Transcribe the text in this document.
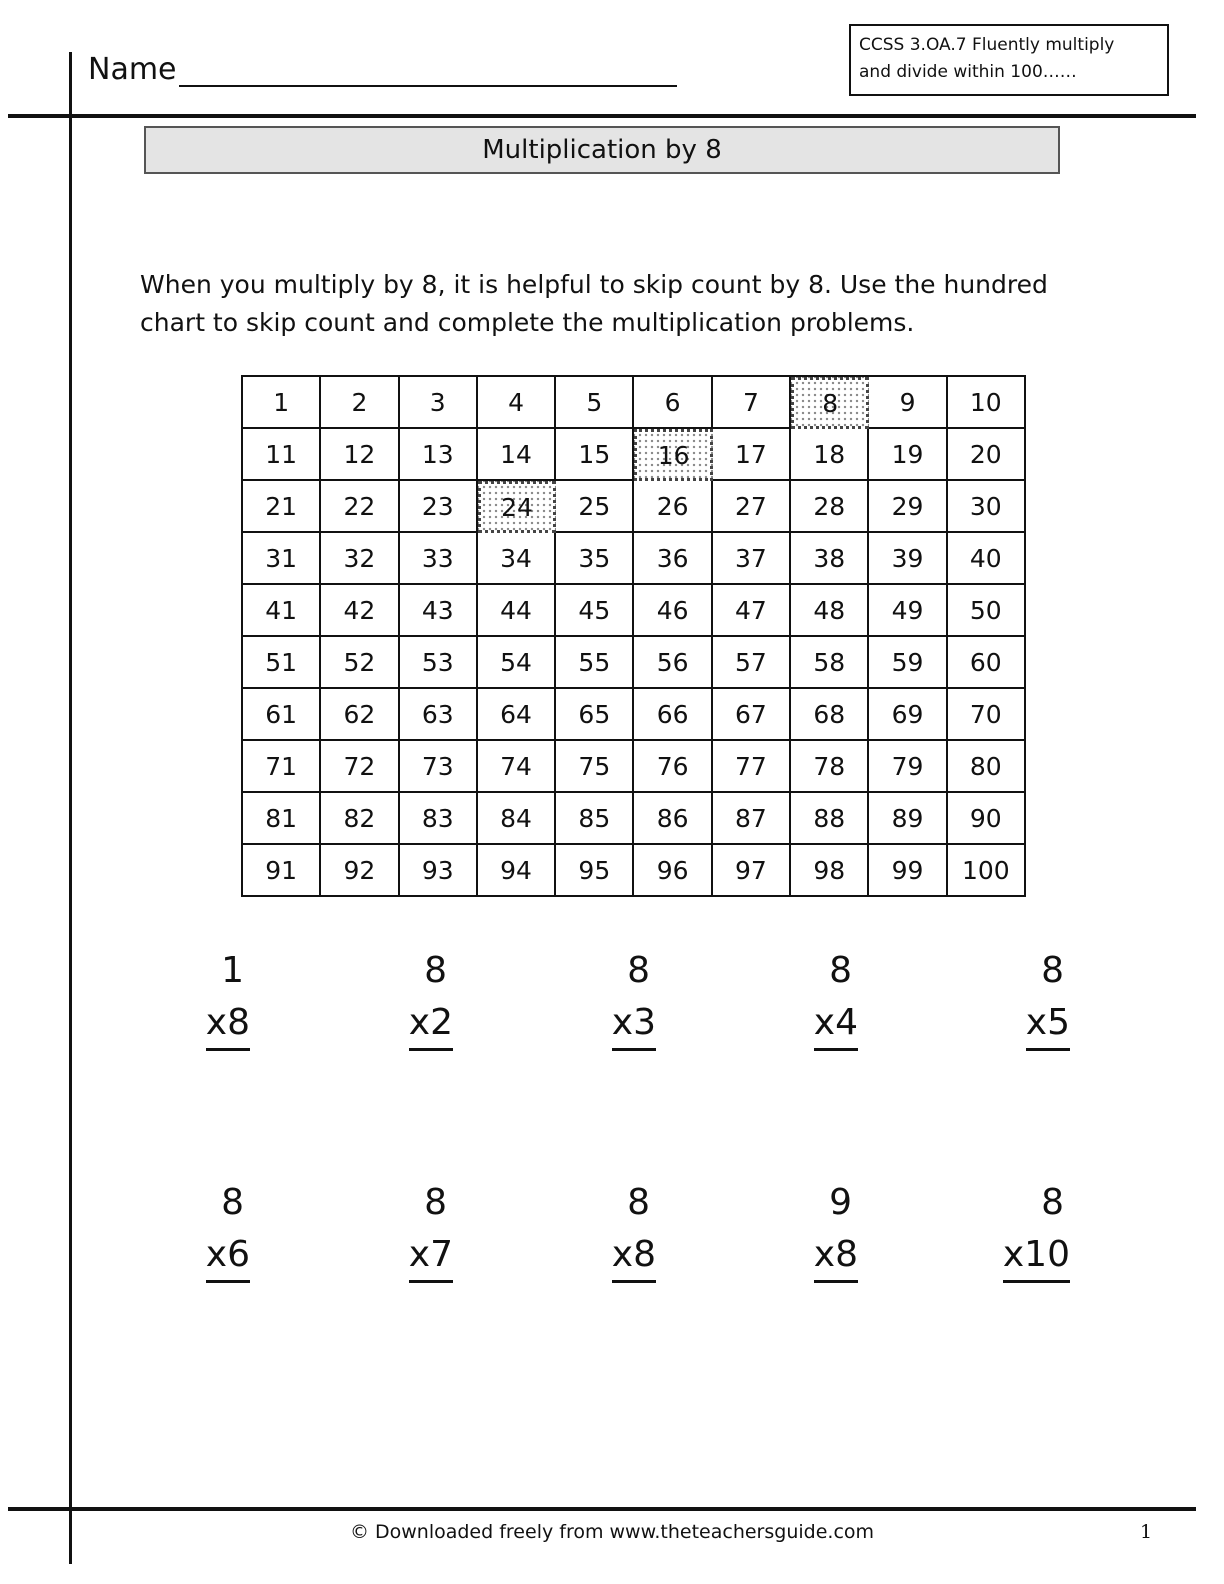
Name
CCSS 3.OA.7 Fluently multiply
and divide within 100……
Multiplication by 8
When you multiply by 8, it is helpful to skip count by 8. Use the hundred
chart to skip count and complete the multiplication problems.
1	2	3	4	5	6	7	8	9	10
11	12	13	14	15	16	17	18	19	20
21	22	23	24	25	26	27	28	29	30
31	32	33	34	35	36	37	38	39	40
41	42	43	44	45	46	47	48	49	50
51	52	53	54	55	56	57	58	59	60
61	62	63	64	65	66	67	68	69	70
71	72	73	74	75	76	77	78	79	80
81	82	83	84	85	86	87	88	89	90
91	92	93	94	95	96	97	98	99	100
1
x8
8
x2
8
x3
8
x4
8
x5
8
x6
8
x7
8
x8
9
x8
8
x10
© Downloaded freely from www.theteachersguide.com	1
